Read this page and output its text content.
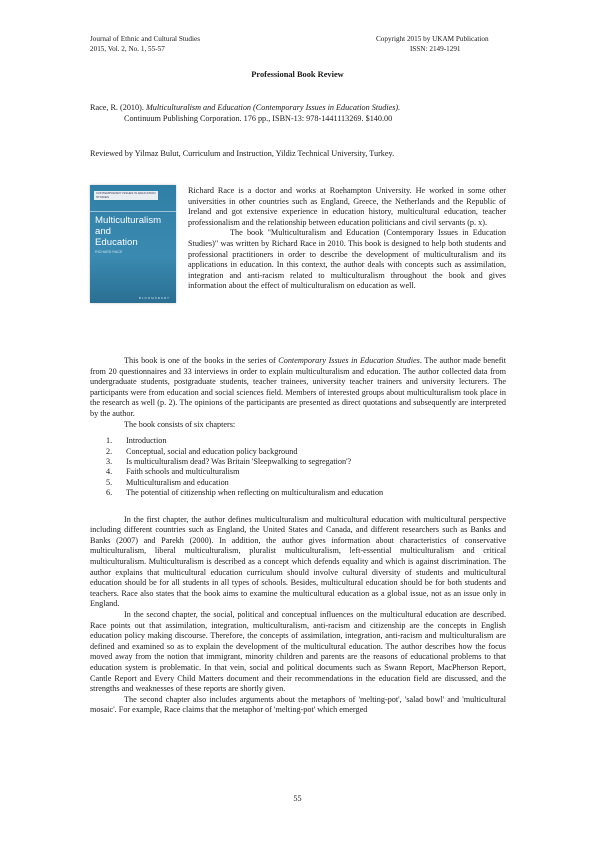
Journal of Ethnic and Cultural Studies
2015, Vol. 2, No. 1, 55-57
Copyright 2015 by UKAM Publication
ISSN: 2149-1291
Professional Book Review
Race, R. (2010). Multiculturalism and Education (Contemporary Issues in Education Studies).
Continuum Publishing Corporation. 176 pp., ISBN-13: 978-1441113269. $140.00
Reviewed by Yilmaz Bulut, Curriculum and Instruction, Yildiz Technical University, Turkey.
CONTEMPORARY ISSUES IN EDUCATION STUDIES
Multiculturalism
and
Education
RICHARD RACE
BLOOMSBURY

Richard Race is a doctor and works at Roehampton University. He worked in some other universities in other countries such as England, Greece, the Netherlands and the Republic of Ireland and got extensive experience in education history, multicultural education, teacher professionalism and the relationship between education politicians and civil servants (p. x).

The book "Multiculturalism and Education (Contemporary Issues in Education Studies)" was written by Richard Race in 2010. This book is designed to help both students and professional practitioners in order to describe the development of multiculturalism and its applications in education. In this context, the author deals with concepts such as assimilation, integration and anti-racism related to multiculturalism throughout the book and gives information about the effect of multiculturalism on education as well.

This book is one of the books in the series of Contemporary Issues in Education Studies. The author made benefit from 20 questionnaires and 33 interviews in order to explain multiculturalism and education. The author collected data from undergraduate students, postgraduate students, teacher trainees, university teacher trainers and university lecturers. The participants were from education and social sciences field. Members of interested groups about multiculturalism took place in the research as well (p. 2). The opinions of the participants are presented as direct quotations and subsequently are interpreted by the author.

The book consists of six chapters:

1.	Introduction
2.	Conceptual, social and education policy background
3.	Is multiculturalism dead? Was Britain 'Sleepwalking to segregation'?
4.	Faith schools and multiculturalism
5.	Multiculturalism and education
6.	The potential of citizenship when reflecting on multiculturalism and education

In the first chapter, the author defines multiculturalism and multicultural education with multicultural perspective including different countries such as England, the United States and Canada, and different researchers such as Banks and Banks (2007) and Parekh (2000). In addition, the author gives information about characteristics of conservative multiculturalism, liberal multiculturalism, pluralist multiculturalism, left-essential multiculturalism and critical multiculturalism. Multiculturalism is described as a concept which defends equality and which is against discrimination. The author explains that multicultural education curriculum should involve cultural diversity of students and multicultural education should be for all students in all types of schools. Besides, multicultural education should be for both students and teachers. Race also states that the book aims to examine the multicultural education as a global issue, not as an issue only in England.

In the second chapter, the social, political and conceptual influences on the multicultural education are described. Race points out that assimilation, integration, multiculturalism, anti-racism and citizenship are the concepts in English education policy making discourse. Therefore, the concepts of assimilation, integration, anti-racism and multiculturalism are defined and examined so as to explain the development of the multicultural education. The author describes how the focus moved away from the notion that immigrant, minority children and parents are the reasons of educational problems to that education system is problematic. In that vein, social and political documents such as Swann Report, MacPherson Report, Cantle Report and Every Child Matters document and their recommendations in the education field are discussed, and the strengths and weaknesses of these reports are shortly given.

The second chapter also includes arguments about the metaphors of 'melting-pot', 'salad bowl' and 'multicultural mosaic'. For example, Race claims that the metaphor of 'melting-pot' which emerged

55
